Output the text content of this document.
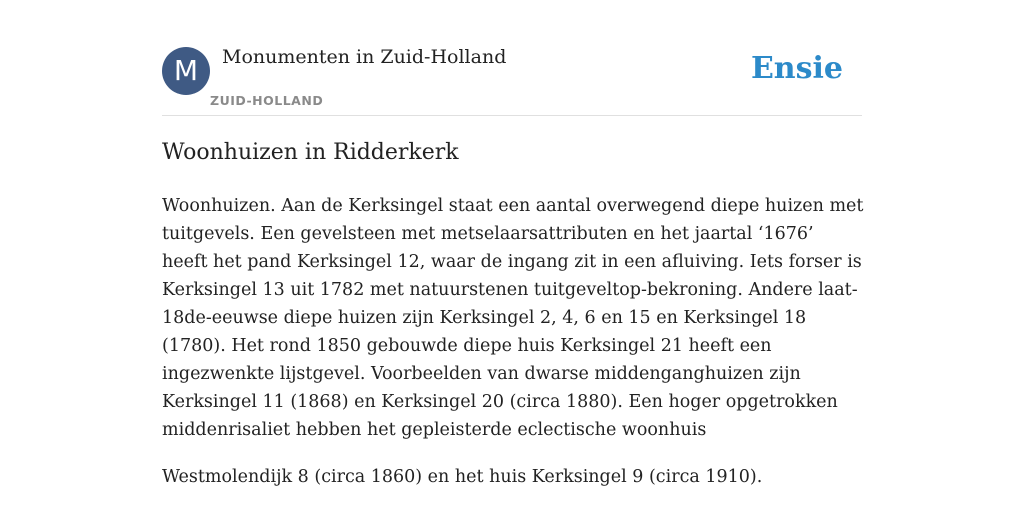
M	Monumenten in Zuid-Holland
ZUID-HOLLAND
Ensie
Woonhuizen in Ridderkerk

Woonhuizen. Aan de Kerksingel staat een aantal overwegend diepe huizen met tuitgevels. Een gevelsteen met metselaarsattributen en het jaartal ‘1676’ heeft het pand Kerksingel 12, waar de ingang zit in een afluiving. Iets forser is Kerksingel 13 uit 1782 met natuurstenen tuitgeveltop-bekroning. Andere laat-18de-eeuwse diepe huizen zijn Kerksingel 2, 4, 6 en 15 en Kerksingel 18 (1780). Het rond 1850 gebouwde diepe huis Kerksingel 21 heeft een ingezwenkte lijstgevel. Voorbeelden van dwarse middenganghuizen zijn Kerksingel 11 (1868) en Kerksingel 20 (circa 1880). Een hoger opgetrokken middenrisaliet hebben het gepleisterde eclectische woonhuis

Westmolendijk 8 (circa 1860) en het huis Kerksingel 9 (circa 1910).
